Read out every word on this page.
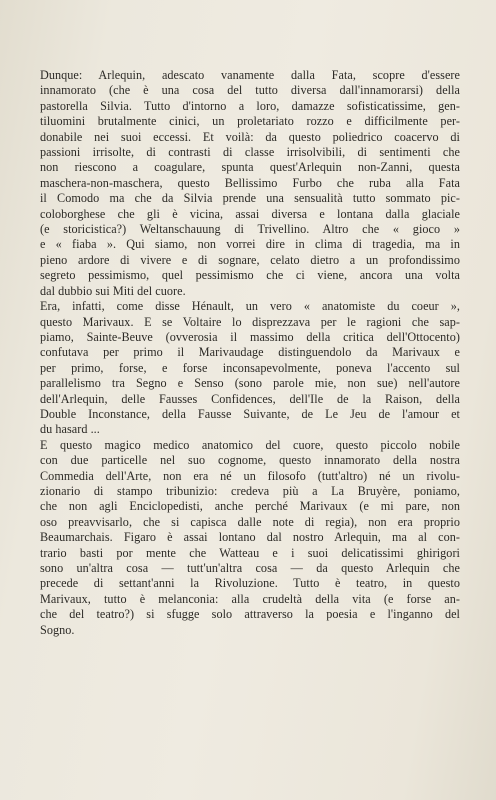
Dunque: Arlequin, adescato vanamente dalla Fata, scopre d'essere
innamorato (che è una cosa del tutto diversa dall'innamorarsi) della
pastorella Silvia. Tutto d'intorno a loro, damazze sofisticatissime, gen-
tiluomini brutalmente cinici, un proletariato rozzo e difficilmente per-
donabile nei suoi eccessi. Et voilà: da questo poliedrico coacervo di
passioni irrisolte, di contrasti di classe irrisolvibili, di sentimenti che
non riescono a coagulare, spunta quest'Arlequin non-Zanni, questa
maschera-non-maschera, questo Bellissimo Furbo che ruba alla Fata
il Comodo ma che da Silvia prende una sensualità tutto sommato pic-
coloborghese che gli è vicina, assai diversa e lontana dalla glaciale
(e storicistica?) Weltanschauung di Trivellino. Altro che « gioco »
e « fiaba ». Qui siamo, non vorrei dire in clima di tragedia, ma in
pieno ardore di vivere e di sognare, celato dietro a un profondissimo
segreto pessimismo, quel pessimismo che ci viene, ancora una volta
dal dubbio sui Miti del cuore.

Era, infatti, come disse Hénault, un vero « anatomiste du coeur »,
questo Marivaux. E se Voltaire lo disprezzava per le ragioni che sap-
piamo, Sainte-Beuve (ovverosia il massimo della critica dell'Ottocento)
confutava per primo il Marivaudage distinguendolo da Marivaux e
per primo, forse, e forse inconsapevolmente, poneva l'accento sul
parallelismo tra Segno e Senso (sono parole mie, non sue) nell'autore
dell'Arlequin, delle Fausses Confidences, dell'Ile de la Raison, della
Double Inconstance, della Fausse Suivante, de Le Jeu de l'amour et
du hasard ...

E questo magico medico anatomico del cuore, questo piccolo nobile
con due particelle nel suo cognome, questo innamorato della nostra
Commedia dell'Arte, non era né un filosofo (tutt'altro) né un rivolu-
zionario di stampo tribunizio: credeva più a La Bruyère, poniamo,
che non agli Enciclopedisti, anche perché Marivaux (e mi pare, non
oso preavvisarlo, che si capisca dalle note di regia), non era proprio
Beaumarchais. Figaro è assai lontano dal nostro Arlequin, ma al con-
trario basti por mente che Watteau e i suoi delicatissimi ghirigori
sono un'altra cosa — tutt'un'altra cosa — da questo Arlequin che
precede di settant'anni la Rivoluzione. Tutto è teatro, in questo
Marivaux, tutto è melanconia: alla crudeltà della vita (e forse an-
che del teatro?) si sfugge solo attraverso la poesia e l'inganno del
Sogno.
